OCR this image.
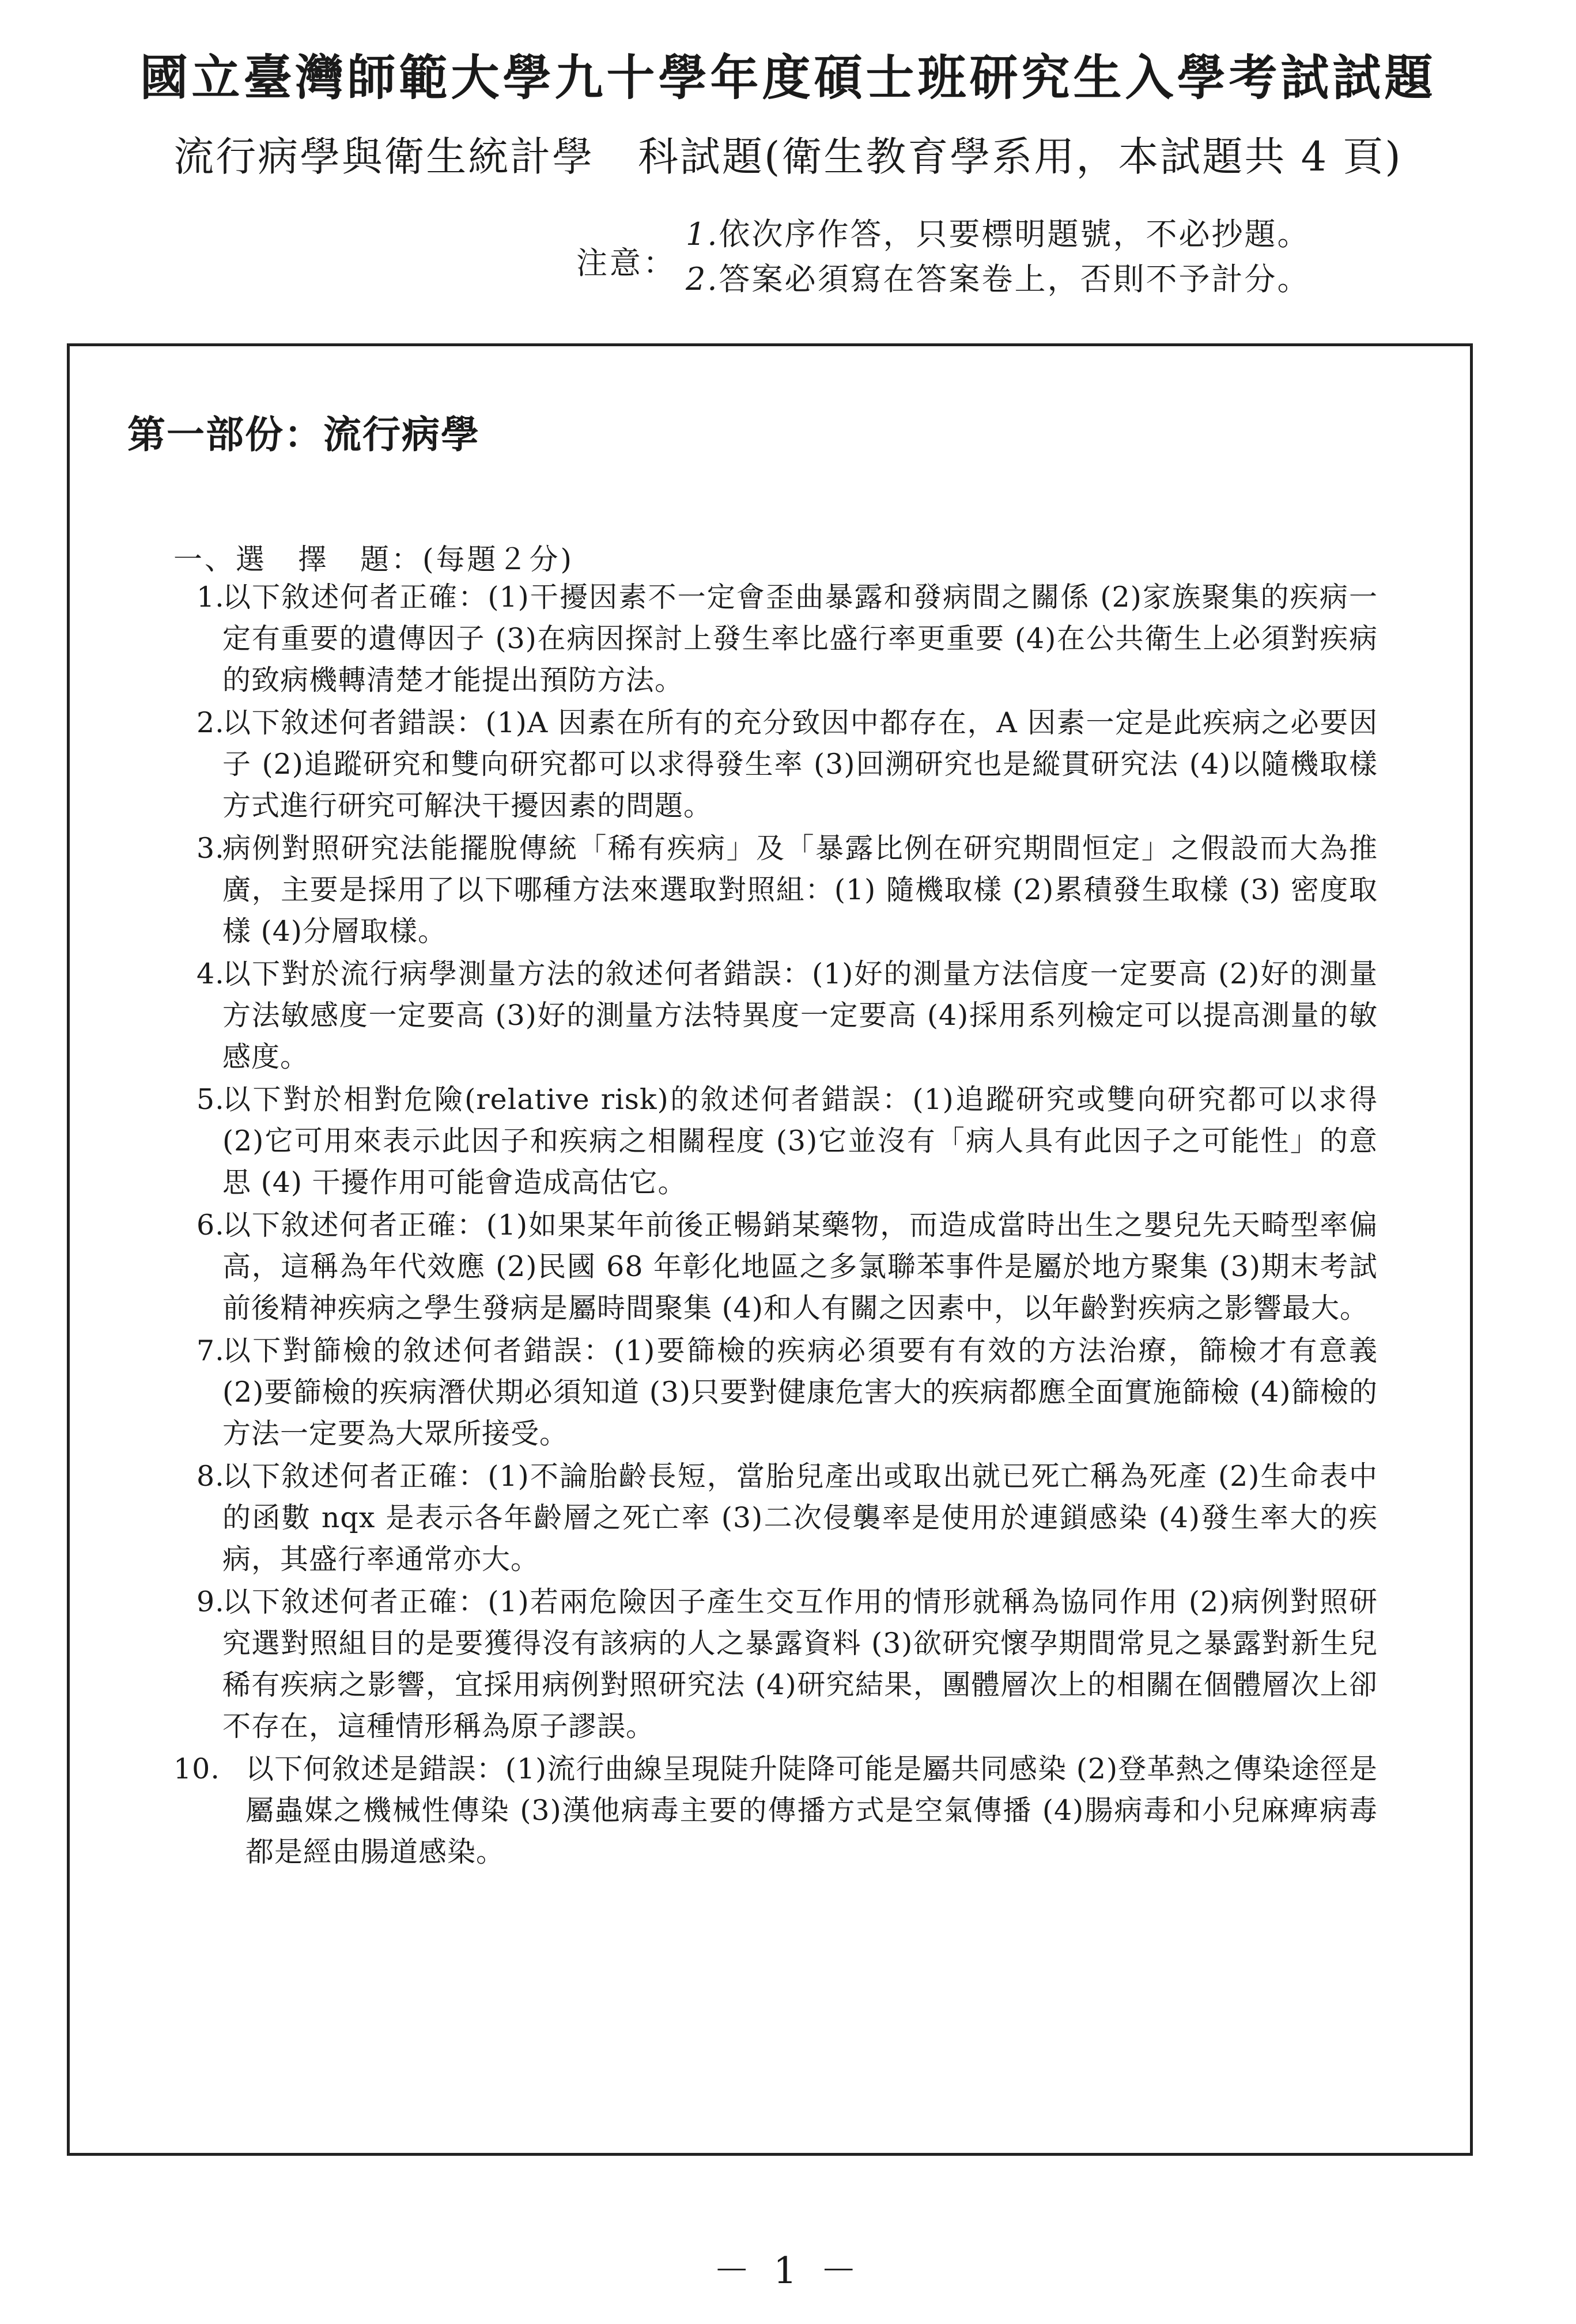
國立臺灣師範大學九十學年度碩士班研究生入學考試試題
流行病學與衛生統計學 科試題(衛生教育學系用，本試題共 4 頁)
注意：
1.依次序作答，只要標明題號，不必抄題。
2.答案必須寫在答案卷上，否則不予計分。
第一部份：流行病學
一、選　擇　題：(每題２分)
1.
以下敘述何者正確：(1)干擾因素不一定會歪曲暴露和發病間之關係 (2)家族聚集的疾病一定有重要的遺傳因子 (3)在病因探討上發生率比盛行率更重要 (4)在公共衛生上必須對疾病的致病機轉清楚才能提出預防方法。
2.
以下敘述何者錯誤：(1)A 因素在所有的充分致因中都存在，A 因素一定是此疾病之必要因子 (2)追蹤研究和雙向研究都可以求得發生率 (3)回溯研究也是縱貫研究法 (4)以隨機取樣方式進行研究可解決干擾因素的問題。
3.
病例對照研究法能擺脫傳統「稀有疾病」及「暴露比例在研究期間恒定」之假設而大為推廣，主要是採用了以下哪種方法來選取對照組：(1) 隨機取樣 (2)累積發生取樣 (3) 密度取樣 (4)分層取樣。
4.
以下對於流行病學測量方法的敘述何者錯誤：(1)好的測量方法信度一定要高 (2)好的測量方法敏感度一定要高 (3)好的測量方法特異度一定要高 (4)採用系列檢定可以提高測量的敏感度。
5.
以下對於相對危險(relative risk)的敘述何者錯誤：(1)追蹤研究或雙向研究都可以求得 (2)它可用來表示此因子和疾病之相關程度 (3)它並沒有「病人具有此因子之可能性」的意思 (4) 干擾作用可能會造成高估它。
6.
以下敘述何者正確：(1)如果某年前後正暢銷某藥物，而造成當時出生之嬰兒先天畸型率偏高，這稱為年代效應 (2)民國 68 年彰化地區之多氯聯苯事件是屬於地方聚集 (3)期末考試前後精神疾病之學生發病是屬時間聚集 (4)和人有關之因素中，以年齡對疾病之影響最大。
7.
以下對篩檢的敘述何者錯誤：(1)要篩檢的疾病必須要有有效的方法治療，篩檢才有意義 (2)要篩檢的疾病潛伏期必須知道 (3)只要對健康危害大的疾病都應全面實施篩檢 (4)篩檢的方法一定要為大眾所接受。
8.
以下敘述何者正確：(1)不論胎齡長短，當胎兒產出或取出就已死亡稱為死產 (2)生命表中的函數 nqx 是表示各年齡層之死亡率 (3)二次侵襲率是使用於連鎖感染 (4)發生率大的疾病，其盛行率通常亦大。
9.
以下敘述何者正確：(1)若兩危險因子產生交互作用的情形就稱為協同作用 (2)病例對照研究選對照組目的是要獲得沒有該病的人之暴露資料 (3)欲研究懷孕期間常見之暴露對新生兒稀有疾病之影響，宜採用病例對照研究法 (4)研究結果，團體層次上的相關在個體層次上卻不存在，這種情形稱為原子謬誤。
10. 以下何敘述是錯誤：(1)流行曲線呈現陡升陡降可能是屬共同感染 (2)登革熱之傳染途徑是屬蟲媒之機械性傳染 (3)漢他病毒主要的傳播方式是空氣傳播 (4)腸病毒和小兒麻痺病毒都是經由腸道感染。
－ 1 －
